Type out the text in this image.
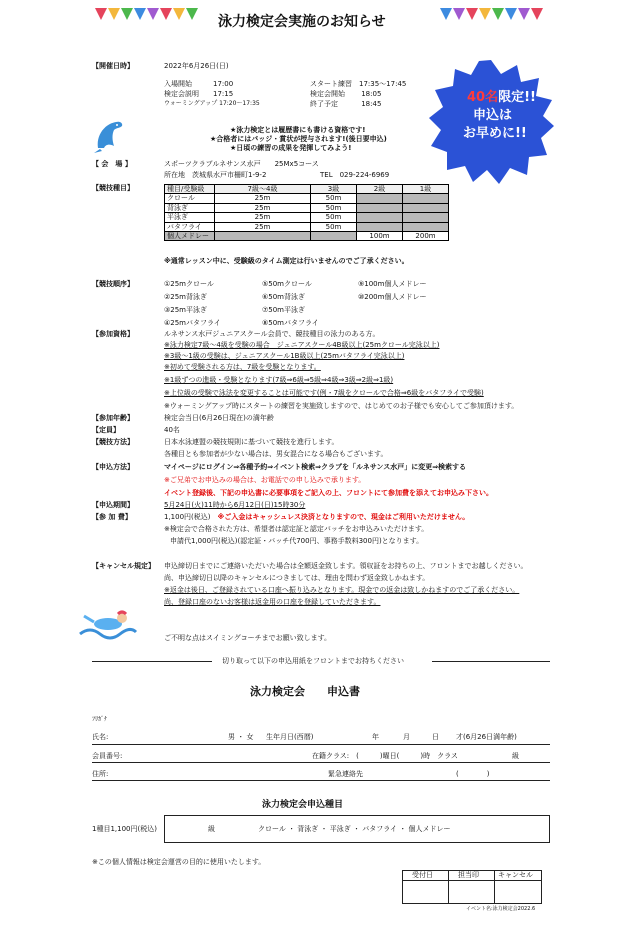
泳力検定会実施のお知らせ
40名限定!!
申込は
お早めに!!
【開催日時】	2022年6月26日(日)
入場開始　　　17:00
検定会説明　　17:15
ウォーミングアップ 17:20～17:35
スタート練習　17:35～17:45
検定会開始　　 18:05
終了予定　　　 18:45
★泳力検定とは履歴書にも書ける資格です!
★合格者にはバッジ・賞状が授与されます!(後日要申込)
★日頃の練習の成果を発揮してみよう!
【 会　場 】	スポーツクラブルネサンス水戸　　25Mx5コース
所在地　茨城県水戸市柵町1-9-2	TEL　029-224-6969
【競技種目】	種目/受験級	7級～4級	3級	2級	1級
クロール	25m	50m		
背泳ぎ	25m	50m		
平泳ぎ	25m	50m		
バタフライ	25m	50m		
個人メドレー			100m	200m
※通常レッスン中に、受験級のタイム測定は行いませんのでご了承ください。
【競技順序】	①25mクロール
②25m背泳ぎ
③25m平泳ぎ
④25mバタフライ
⑤50mクロール
⑥50m背泳ぎ
⑦50m平泳ぎ
⑧50mバタフライ
⑨100m個人メドレー
⑩200m個人メドレー
【参加資格】	ルネサンス水戸ジュニアスクール会員で、競技種目の泳力のある方。
※泳力検定7級～4級を受験の場合　ジュニアスクール4B級以上(25mクロール完泳以上)
※3級～1級の受験は、ジュニアスクール1B級以上(25mバタフライ完泳以上)
※初めて受験される方は、7級を受験となります。
※1級ずつの進級・受験となります(7級⇒6級⇒5級⇒4級⇒3級⇒2級⇒1級)
※上位級の受験で泳法を変更することは可能です(例・7級をクロールで合格⇒6級をバタフライで受験)
※ウォーミングアップ時にスタートの練習を実施致しますので、はじめてのお子様でも安心してご参加頂けます。
【参加年齢】	検定会当日(6月26日現在)の満年齢
【定員】	40名
【競技方法】	日本水泳連盟の競技規則に基づいて競技を進行します。
各種目とも参加者が少ない場合は、男女混合になる場合もございます。
【申込方法】	マイページにログイン⇒各種予約⇒イベント検索⇒クラブを「ルネサンス水戸」に変更⇒検索する
※ご兄弟でお申込みの場合は、お電話での申し込みで承ります。
イベント登録後、下記の申込書に必要事項をご記入の上、フロントにて参加費を添えてお申込み下さい。
【申込期間】	5月24日(火)11時から6月12日(日)15時30分
【参 加 費】	1,100円(税込)　 ※ご入金はキャッシュレス決済となりますので、現金はご利用いただけません。
※検定会で合格された方は、希望者は認定証と認定バッチをお申込みいただけます。
申請代1,000円(税込)(認定証・バッチ代700円、事務手数料300円)となります。
【キャンセル規定】 申込締切日までにご連絡いただいた場合は全額返金致します。領収証をお持ちの上、フロントまでお越しください。
尚、申込締切日以降のキャンセルにつきましては、理由を問わず返金致しかねます。
※返金は後日、ご登録されている口座へ振り込みとなります。現金での返金は致しかねますのでご了承ください。
尚、登録口座のないお客様は返金用の口座を登録していただきます。
ご不明な点はスイミングコーチまでお願い致します。
切り取って以下の申込用紙をフロントまでお持ちください
泳力検定会　　申込書
ﾌﾘｶﾞﾅ
氏名:	男 ・ 女 生年月日(西暦)	年	月	日 才(6月26日満年齢)
会員番号:	在籍クラス:　(　　　)曜日(　　　)時　クラス	級
住所:	緊急連絡先	(　　　　)
泳力検定会申込種目
1種目1,100円(税込)	級	クロール ・ 背泳ぎ ・ 平泳ぎ ・ バタフライ ・ 個人メドレー
※この個人情報は検定会運営の目的に使用いたします。
受付日	担当印	キャンセル
イベント名:泳力検定会2022.6
